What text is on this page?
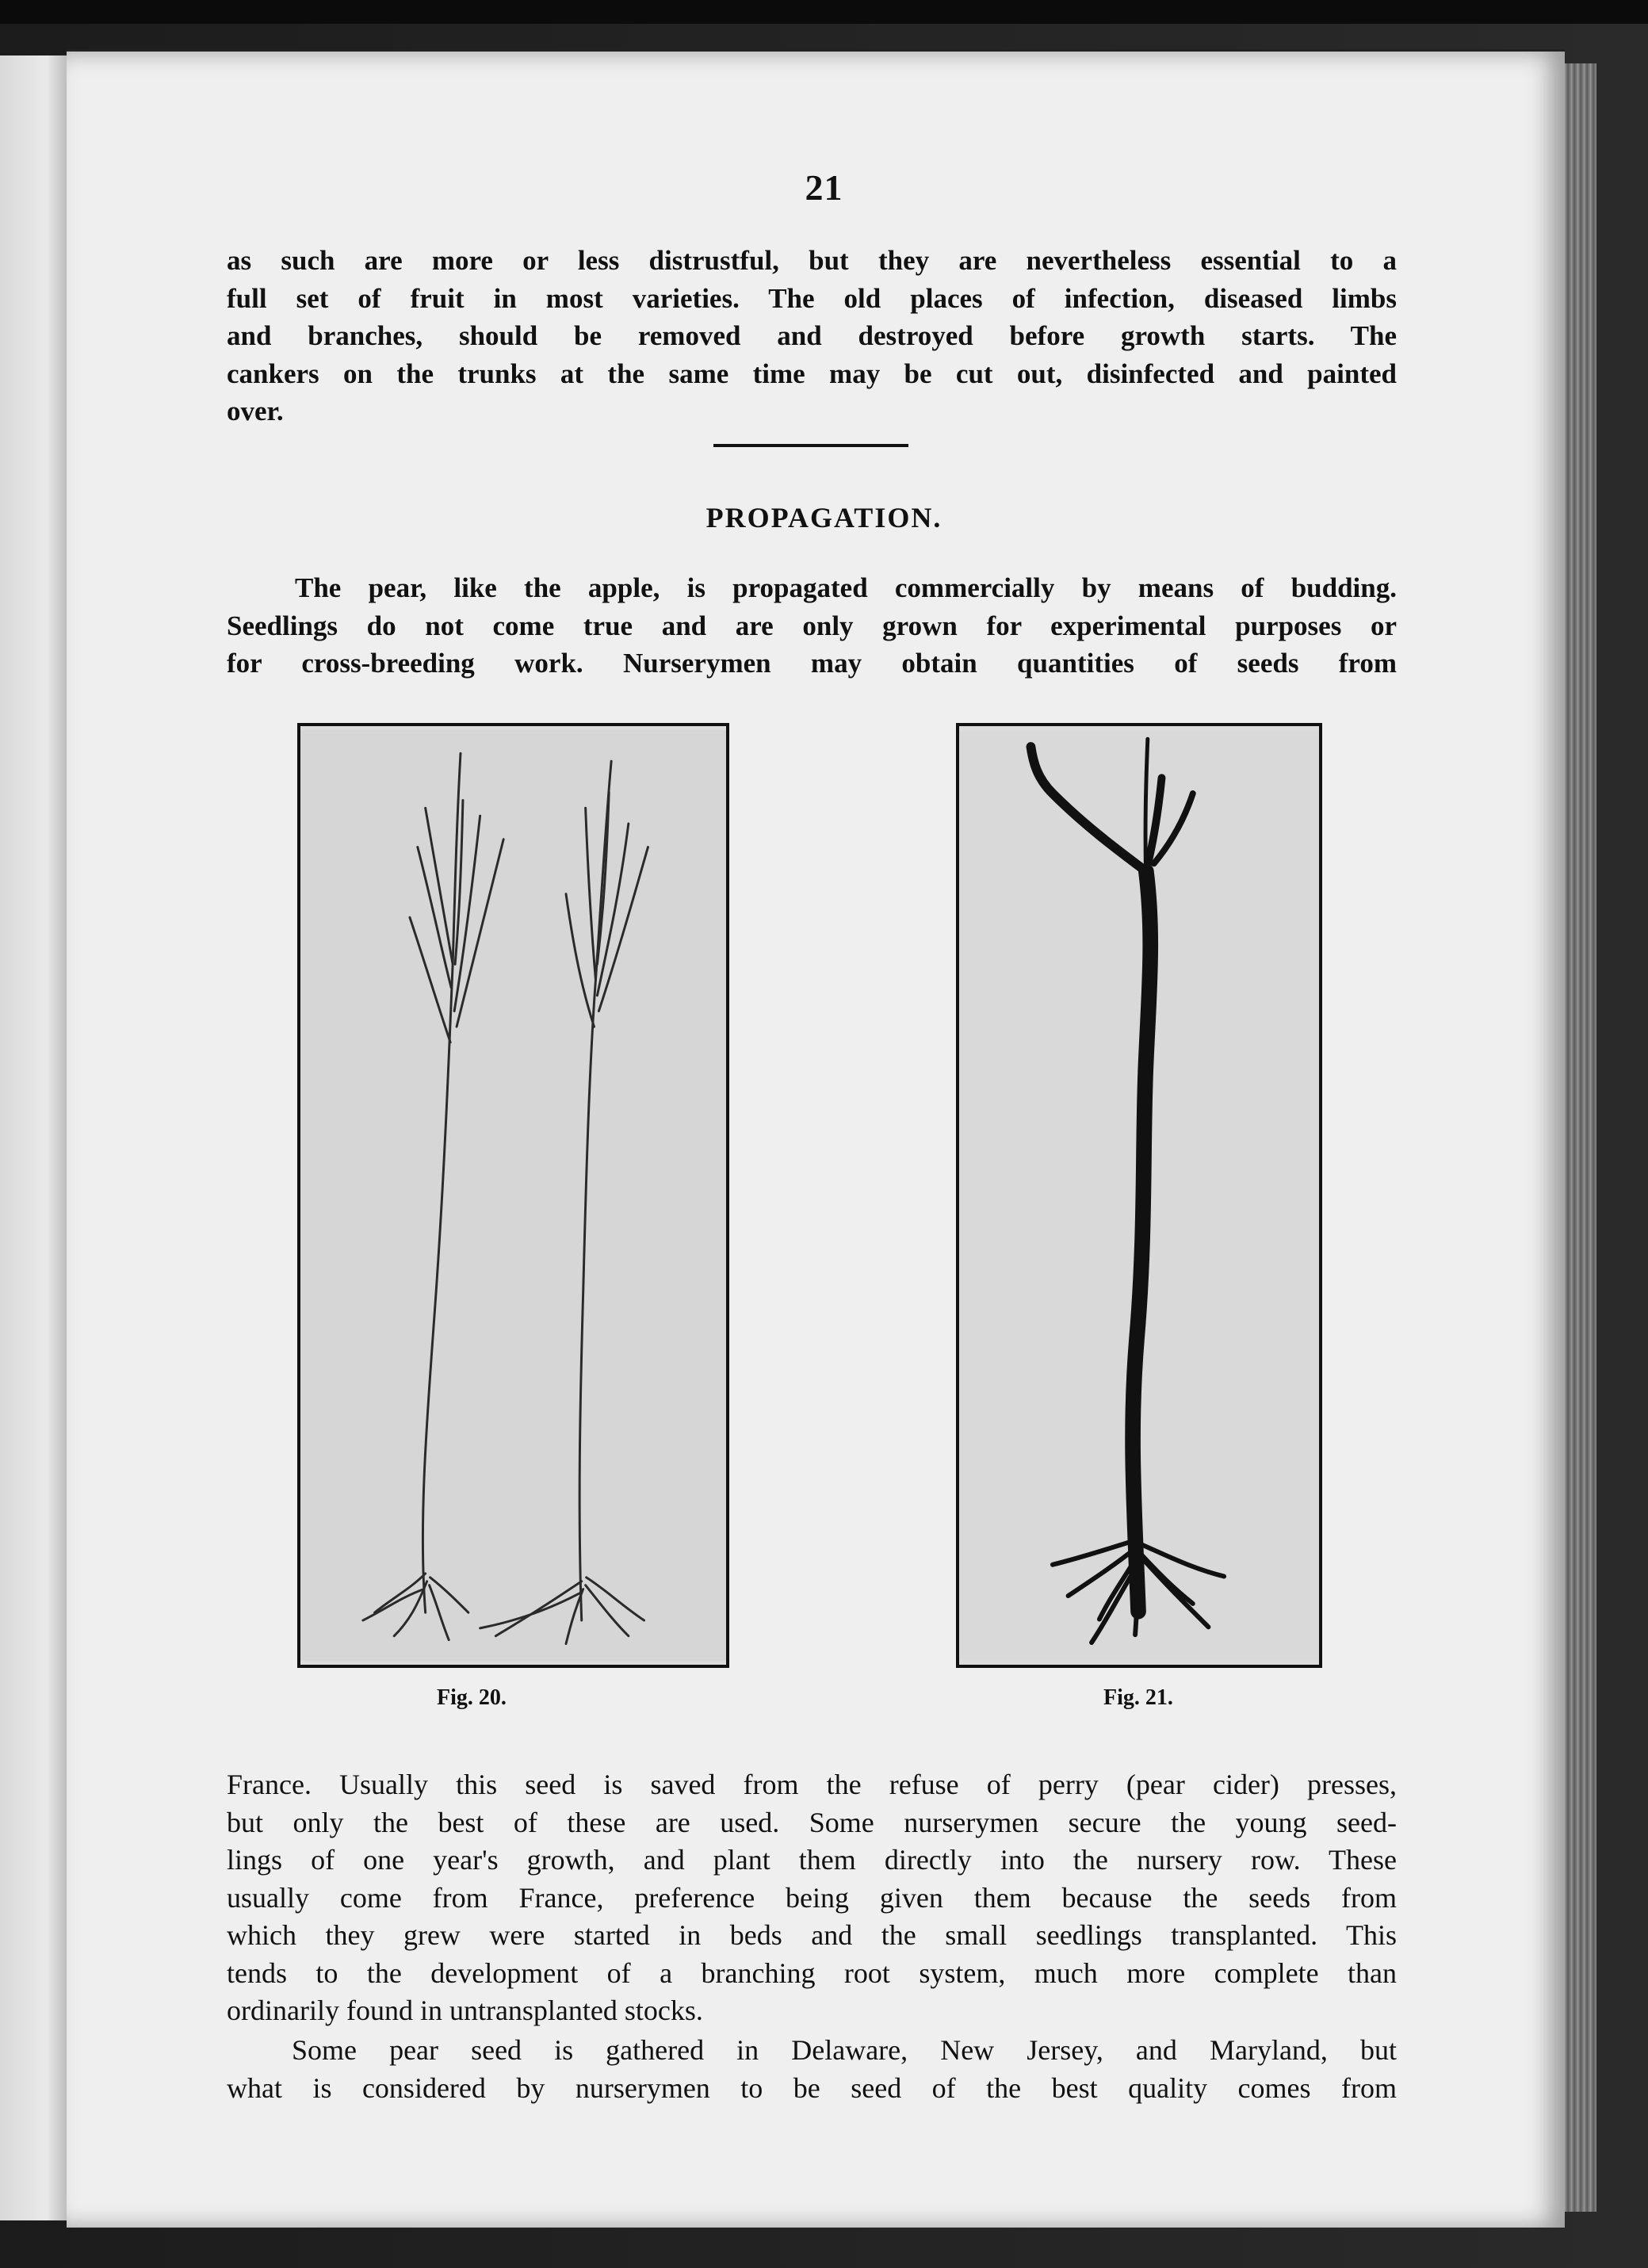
21
as such are more or less distrustful, but they are nevertheless essential to a
full set of fruit in most varieties. The old places of infection, diseased limbs
and branches, should be removed and destroyed before growth starts. The
cankers on the trunks at the same time may be cut out, disinfected and painted
over.
PROPAGATION.
The pear, like the apple, is propagated commercially by means of budding.
Seedlings do not come true and are only grown for experimental purposes or
for cross-breeding work. Nurserymen may obtain quantities of seeds from
Fig. 20.	Fig. 21.
France. Usually this seed is saved from the refuse of perry (pear cider) presses,
but only the best of these are used. Some nurserymen secure the young seed-
lings of one year's growth, and plant them directly into the nursery row. These
usually come from France, preference being given them because the seeds from
which they grew were started in beds and the small seedlings transplanted. This
tends to the development of a branching root system, much more complete than
ordinarily found in untransplanted stocks.
Some pear seed is gathered in Delaware, New Jersey, and Maryland, but
what is considered by nurserymen to be seed of the best quality comes from
